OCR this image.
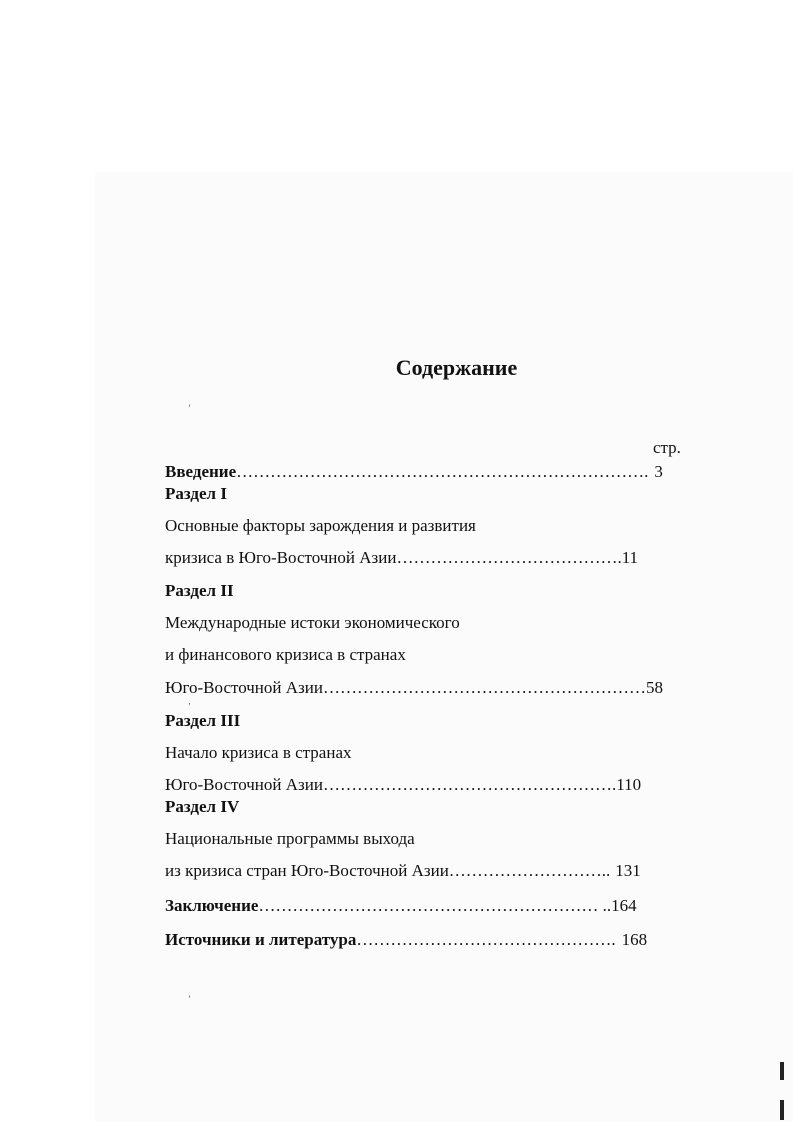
ʼ
‚
ʼ
Содержание
стр.
Введение………………………………………………………………. 3
Раздел I
Основные факторы зарождения и развития
кризиса в Юго-Восточной Азии………………………………….11
Раздел II
Международные истоки экономического
и финансового кризиса в странах
Юго-Восточной Азии…………………………………………………58
Раздел III
Начало кризиса в странах
Юго-Восточной Азии…………………………………………….110
Раздел IV
Национальные программы выхода
из кризиса стран Юго-Восточной Азии……………………….. 131
Заключение…………………………………………………… ..164
Источники и литература………………………………………. 168
